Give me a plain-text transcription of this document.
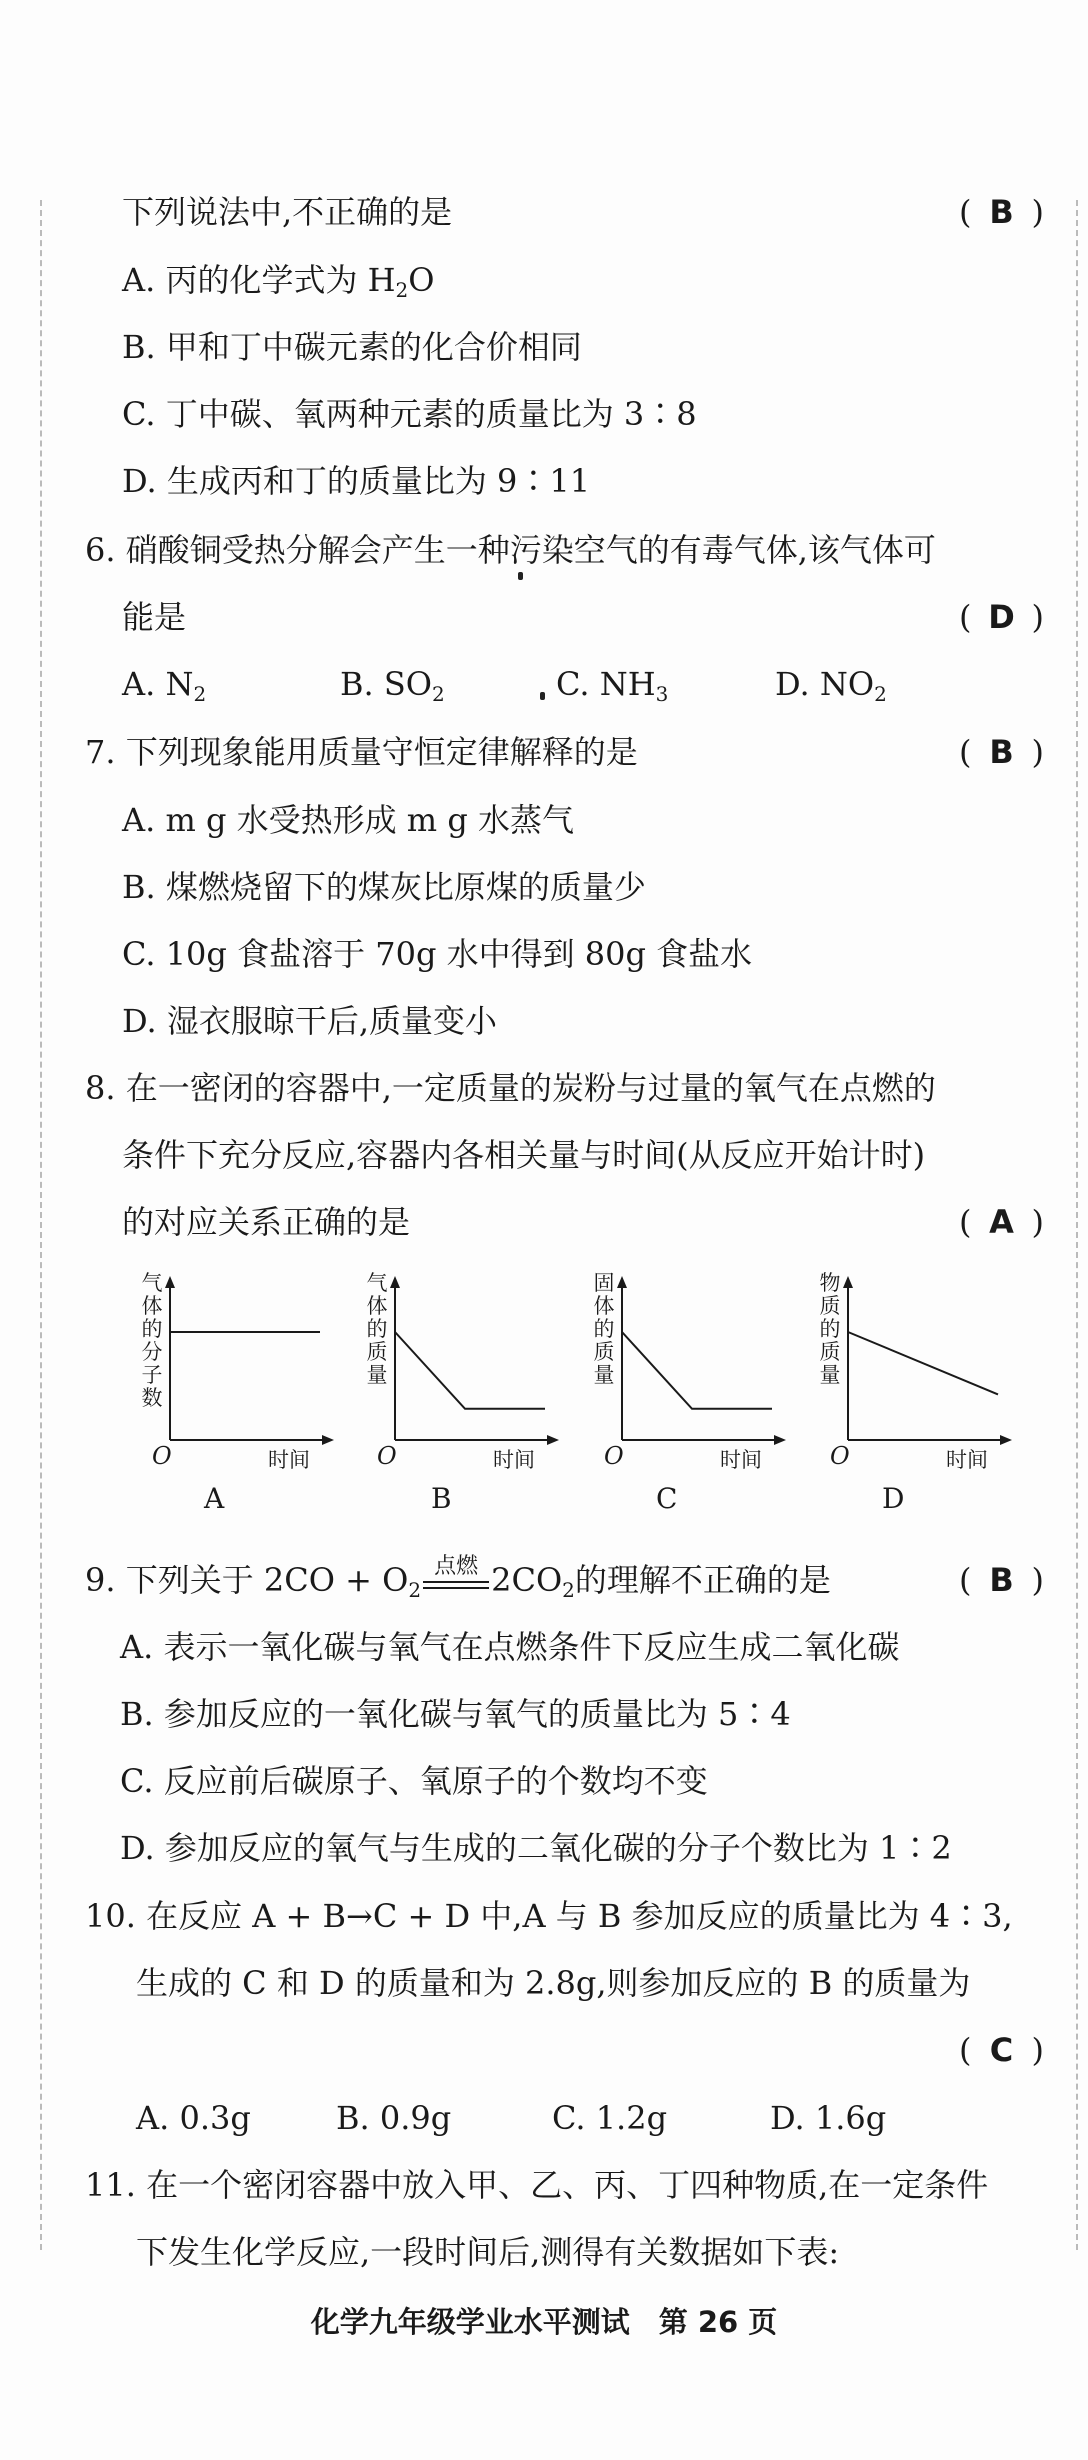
下列说法中,不正确的是	( B )
A. 丙的化学式为 $H_2O$
B. 甲和丁中碳元素的化合价相同
C. 丁中碳、氧两种元素的质量比为 3∶8
D. 生成丙和丁的质量比为 9∶11
6. 硝酸铜受热分解会产生一种污染空气的有毒气体,该气体可
能是	( D )
A. $N_2$	B. $SO_2$	C. $NH_3$	D. $NO_2$
7. 下列现象能用质量守恒定律解释的是	( B )
A. m g 水受热形成 m g 水蒸气
B. 煤燃烧留下的煤灰比原煤的质量少
C. 10g 食盐溶于 70g 水中得到 80g 食盐水
D. 湿衣服晾干后,质量变小
8. 在一密闭的容器中,一定质量的炭粉与过量的氧气在点燃的
条件下充分反应,容器内各相关量与时间(从反应开始计时)
的对应关系正确的是	( A )
气体的分子数
O	时间
A
气体的质量
O	时间
B
固体的质量
O	时间
C
物质的质量
O	时间
D
9. 下列关于 $2CO + O_2$
点燃 $2CO_2$的理解不正确的是	( B )
A. 表示一氧化碳与氧气在点燃条件下反应生成二氧化碳
B. 参加反应的一氧化碳与氧气的质量比为 5∶4
C. 反应前后碳原子、氧原子的个数均不变
D. 参加反应的氧气与生成的二氧化碳的分子个数比为 1∶2
10. 在反应 A + B→C + D 中,A 与 B 参加反应的质量比为 4∶3,
生成的 C 和 D 的质量和为 2.8g,则参加反应的 B 的质量为
( C )
A. 0.3g	B. 0.9g	C. 1.2g	D. 1.6g
11. 在一个密闭容器中放入甲、乙、丙、丁四种物质,在一定条件
下发生化学反应,一段时间后,测得有关数据如下表:
化学九年级学业水平测试　第 26 页
